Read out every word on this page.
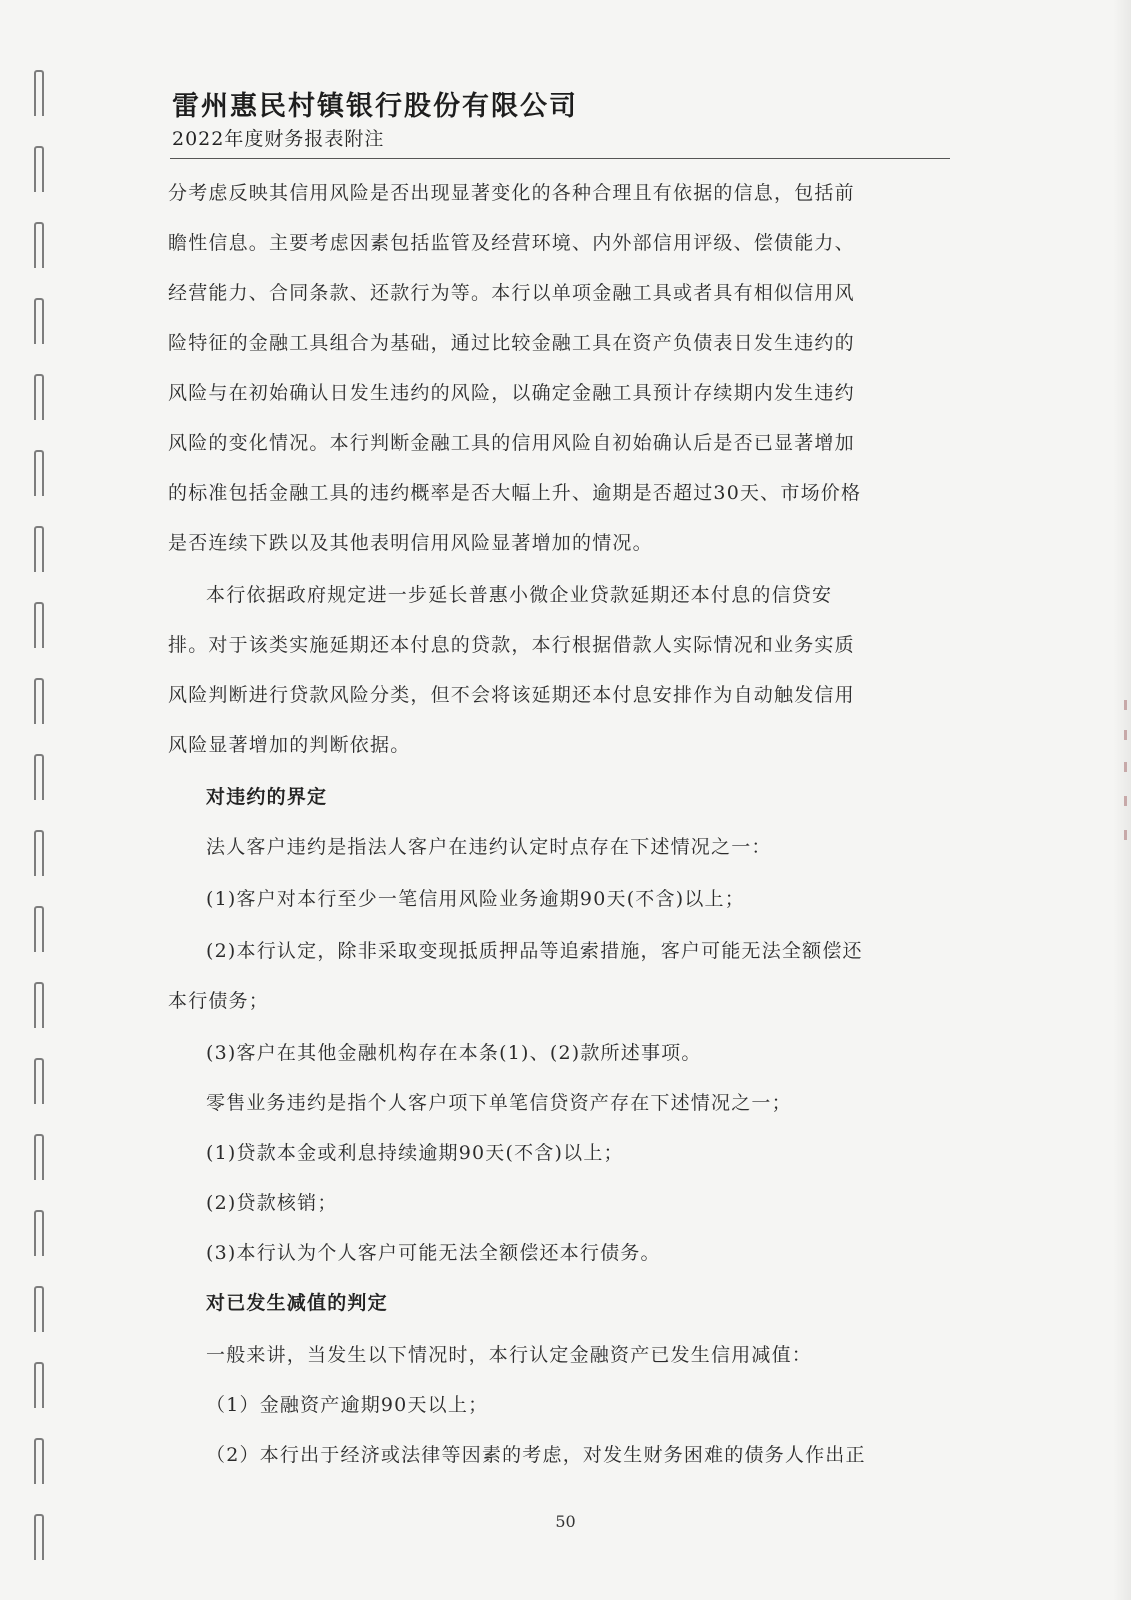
雷州惠民村镇银行股份有限公司
2022年度财务报表附注
分考虑反映其信用风险是否出现显著变化的各种合理且有依据的信息，包括前
瞻性信息。主要考虑因素包括监管及经营环境、内外部信用评级、偿债能力、
经营能力、合同条款、还款行为等。本行以单项金融工具或者具有相似信用风
险特征的金融工具组合为基础，通过比较金融工具在资产负债表日发生违约的
风险与在初始确认日发生违约的风险，以确定金融工具预计存续期内发生违约
风险的变化情况。本行判断金融工具的信用风险自初始确认后是否已显著增加
的标准包括金融工具的违约概率是否大幅上升、逾期是否超过30天、市场价格
是否连续下跌以及其他表明信用风险显著增加的情况。
本行依据政府规定进一步延长普惠小微企业贷款延期还本付息的信贷安
排。对于该类实施延期还本付息的贷款，本行根据借款人实际情况和业务实质
风险判断进行贷款风险分类，但不会将该延期还本付息安排作为自动触发信用
风险显著增加的判断依据。
对违约的界定
法人客户违约是指法人客户在违约认定时点存在下述情况之一：
(1)客户对本行至少一笔信用风险业务逾期90天(不含)以上；
(2)本行认定，除非采取变现抵质押品等追索措施，客户可能无法全额偿还
本行债务；
(3)客户在其他金融机构存在本条(1)、(2)款所述事项。
零售业务违约是指个人客户项下单笔信贷资产存在下述情况之一；
(1)贷款本金或利息持续逾期90天(不含)以上；
(2)贷款核销；
(3)本行认为个人客户可能无法全额偿还本行债务。
对已发生减值的判定
一般来讲，当发生以下情况时，本行认定金融资产已发生信用减值：
（1）金融资产逾期90天以上；
（2）本行出于经济或法律等因素的考虑，对发生财务困难的债务人作出正
50
